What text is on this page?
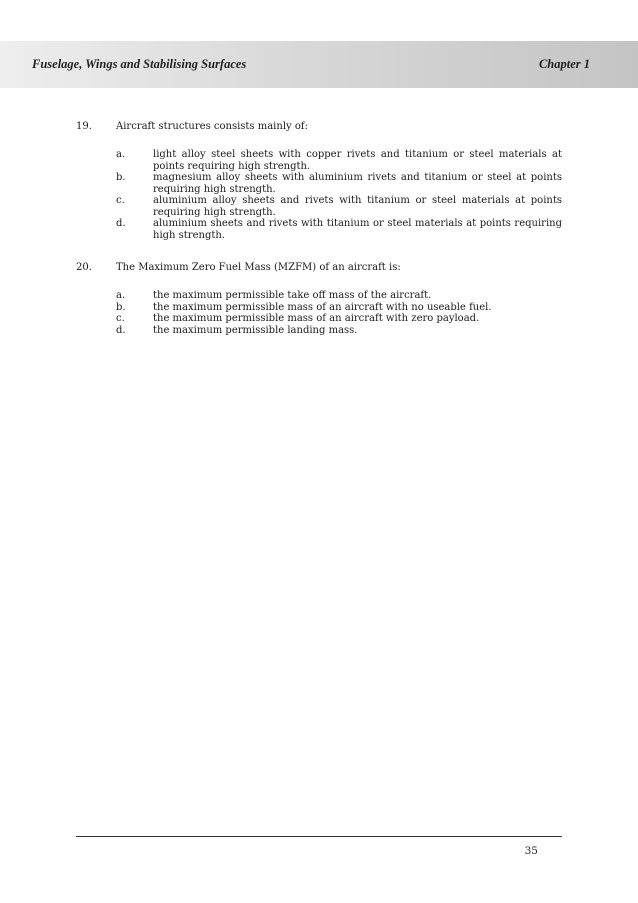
Fuselage, Wings and Stabilising Surfaces	Chapter 1
19. Aircraft structures consists mainly of:
a.	light alloy steel sheets with copper rivets and titanium or steel materials at points requiring high strength.
b.	magnesium alloy sheets with aluminium rivets and titanium or steel at points requiring high strength.
c.	aluminium alloy sheets and rivets with titanium or steel materials at points requiring high strength.
d.	aluminium sheets and rivets with titanium or steel materials at points requiring high strength.
20. The Maximum Zero Fuel Mass (MZFM) of an aircraft is:
a.	the maximum permissible take off mass of the aircraft.
b.	the maximum permissible mass of an aircraft with no useable fuel.
c.	the maximum permissible mass of an aircraft with zero payload.
d.	the maximum permissible landing mass.
35
